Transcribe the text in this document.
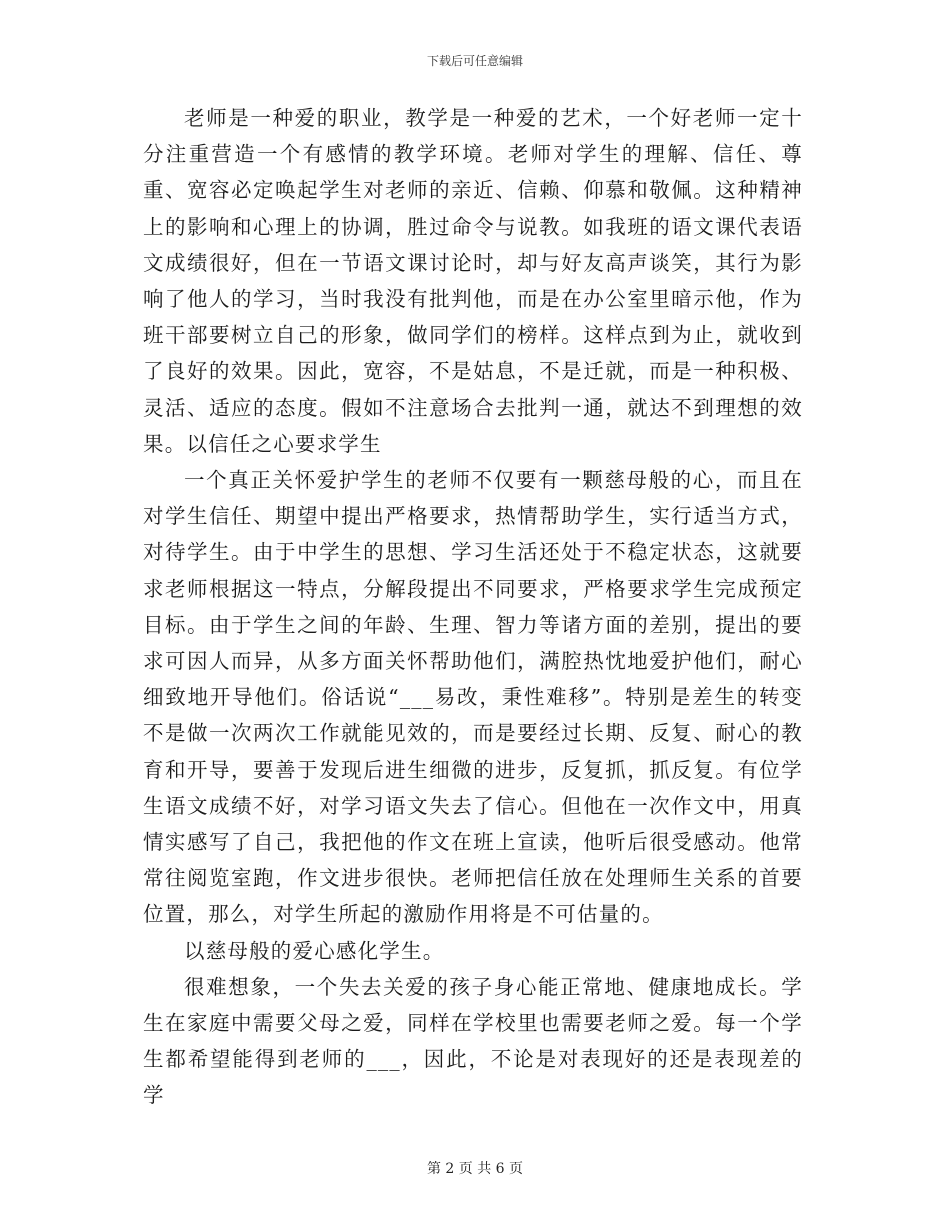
下载后可任意编辑

老师是一种爱的职业，教学是一种爱的艺术，一个好老师一定十分注重营造一个有感情的教学环境。老师对学生的理解、信任、尊重、宽容必定唤起学生对老师的亲近、信赖、仰慕和敬佩。这种精神上的影响和心理上的协调，胜过命令与说教。如我班的语文课代表语文成绩很好，但在一节语文课讨论时，却与好友高声谈笑，其行为影响了他人的学习，当时我没有批判他，而是在办公室里暗示他，作为班干部要树立自己的形象，做同学们的榜样。这样点到为止，就收到了良好的效果。因此，宽容，不是姑息，不是迁就，而是一种积极、灵活、适应的态度。假如不注意场合去批判一通，就达不到理想的效果。以信任之心要求学生

一个真正关怀爱护学生的老师不仅要有一颗慈母般的心，而且在对学生信任、期望中提出严格要求，热情帮助学生，实行适当方式，对待学生。由于中学生的思想、学习生活还处于不稳定状态，这就要求老师根据这一特点，分解段提出不同要求，严格要求学生完成预定目标。由于学生之间的年龄、生理、智力等诸方面的差别，提出的要求可因人而异，从多方面关怀帮助他们，满腔热忱地爱护他们，耐心细致地开导他们。俗话说“___易改，秉性难移”。特别是差生的转变不是做一次两次工作就能见效的，而是要经过长期、反复、耐心的教育和开导，要善于发现后进生细微的进步，反复抓，抓反复。有位学生语文成绩不好，对学习语文失去了信心。但他在一次作文中，用真情实感写了自己，我把他的作文在班上宣读，他听后很受感动。他常常往阅览室跑，作文进步很快。老师把信任放在处理师生关系的首要位置，那么，对学生所起的激励作用将是不可估量的。

以慈母般的爱心感化学生。

很难想象，一个失去关爱的孩子身心能正常地、健康地成长。学生在家庭中需要父母之爱，同样在学校里也需要老师之爱。每一个学生都希望能得到老师的___，因此，不论是对表现好的还是表现差的学

第 2 页 共 6 页
